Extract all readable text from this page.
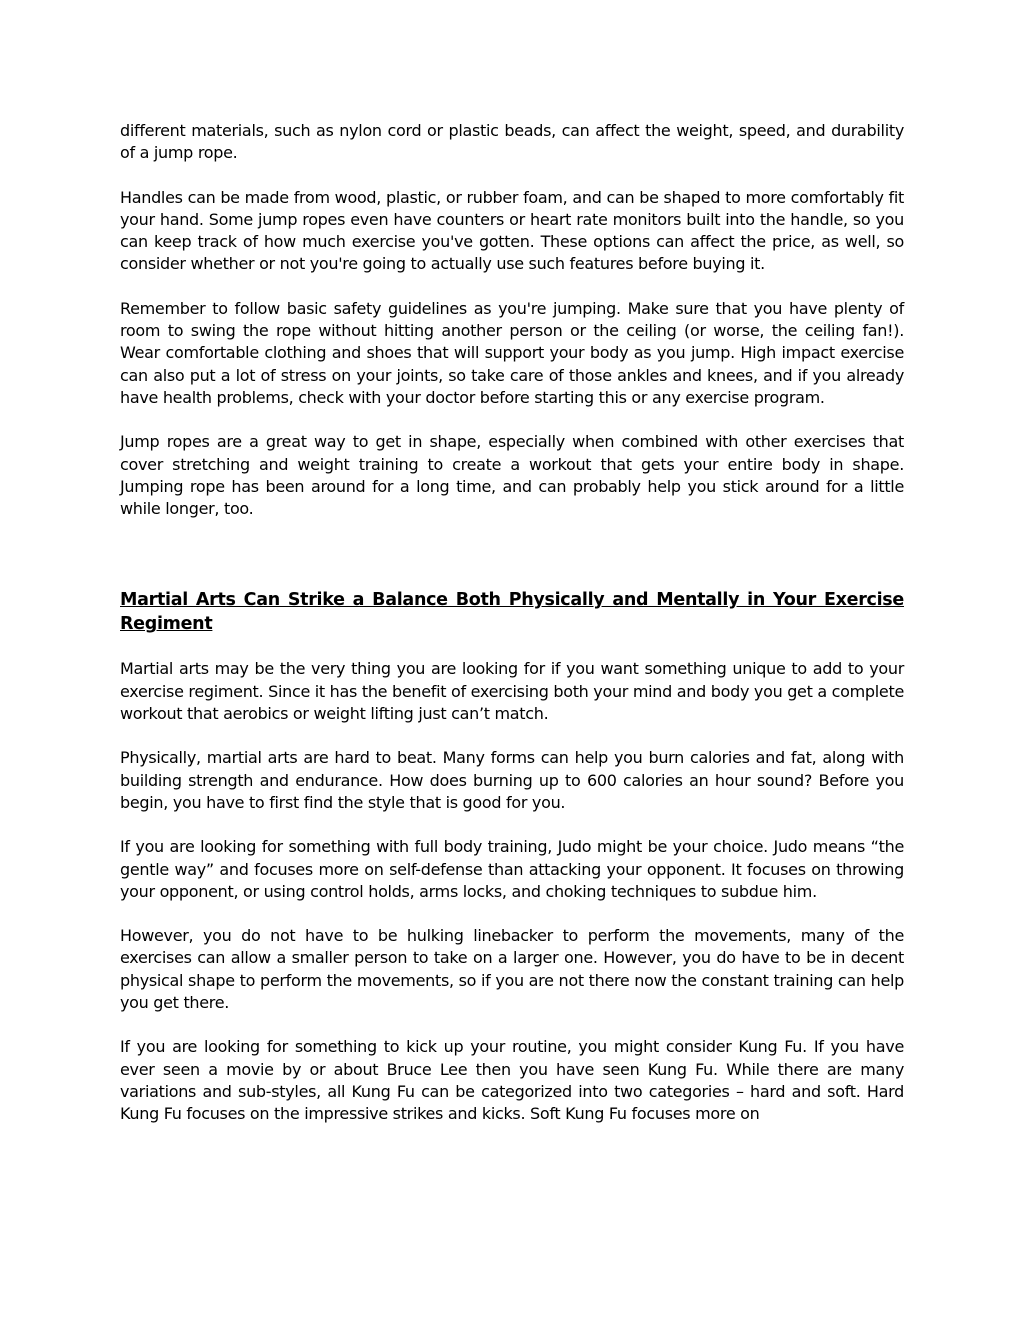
different materials, such as nylon cord or plastic beads, can affect the weight, speed, and durability of a jump rope.

Handles can be made from wood, plastic, or rubber foam, and can be shaped to more comfortably fit your hand. Some jump ropes even have counters or heart rate monitors built into the handle, so you can keep track of how much exercise you've gotten. These options can affect the price, as well, so consider whether or not you're going to actually use such features before buying it.

Remember to follow basic safety guidelines as you're jumping. Make sure that you have plenty of room to swing the rope without hitting another person or the ceiling (or worse, the ceiling fan!). Wear comfortable clothing and shoes that will support your body as you jump. High impact exercise can also put a lot of stress on your joints, so take care of those ankles and knees, and if you already have health problems, check with your doctor before starting this or any exercise program.

Jump ropes are a great way to get in shape, especially when combined with other exercises that cover stretching and weight training to create a workout that gets your entire body in shape. Jumping rope has been around for a long time, and can probably help you stick around for a little while longer, too.

Martial Arts Can Strike a Balance Both Physically and Mentally in Your Exercise Regiment

Martial arts may be the very thing you are looking for if you want something unique to add to your exercise regiment. Since it has the benefit of exercising both your mind and body you get a complete workout that aerobics or weight lifting just can’t match.

Physically, martial arts are hard to beat. Many forms can help you burn calories and fat, along with building strength and endurance. How does burning up to 600 calories an hour sound? Before you begin, you have to first find the style that is good for you.

If you are looking for something with full body training, Judo might be your choice. Judo means “the gentle way” and focuses more on self-defense than attacking your opponent. It focuses on throwing your opponent, or using control holds, arms locks, and choking techniques to subdue him.

However, you do not have to be hulking linebacker to perform the movements, many of the exercises can allow a smaller person to take on a larger one. However, you do have to be in decent physical shape to perform the movements, so if you are not there now the constant training can help you get there.

If you are looking for something to kick up your routine, you might consider Kung Fu. If you have ever seen a movie by or about Bruce Lee then you have seen Kung Fu. While there are many variations and sub-styles, all Kung Fu can be categorized into two categories – hard and soft. Hard Kung Fu focuses on the impressive strikes and kicks. Soft Kung Fu focuses more on
